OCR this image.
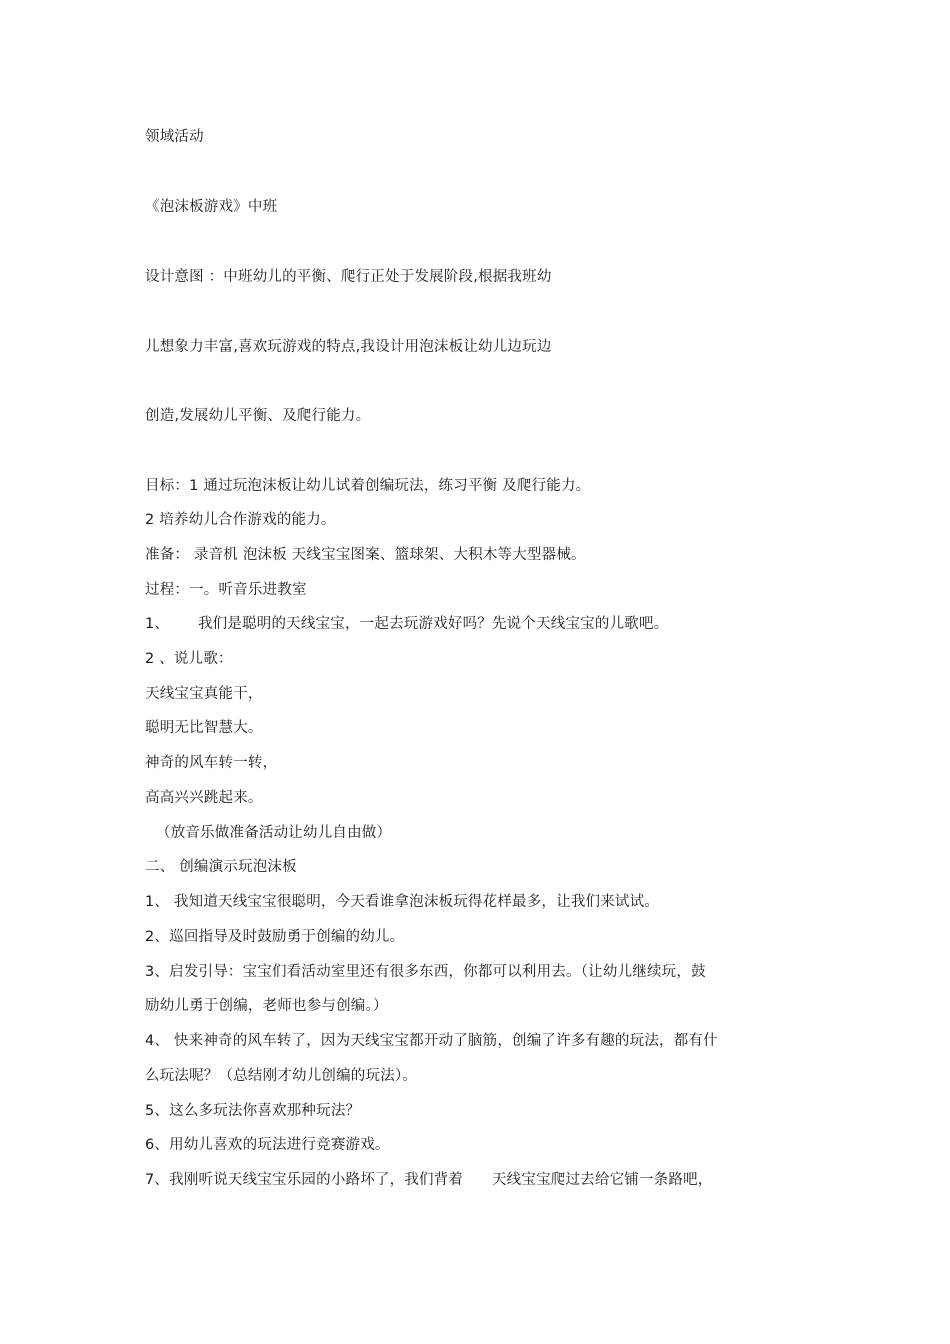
领域活动
《泡沫板游戏》中班
设计意图 ：中班幼儿的平衡、爬行正处于发展阶段,根据我班幼
儿想象力丰富,喜欢玩游戏的特点,我设计用泡沫板让幼儿边玩边
创造,发展幼儿平衡、及爬行能力。
目标：1 通过玩泡沫板让幼儿试着创编玩法，练习平衡 及爬行能力。
2 培养幼儿合作游戏的能力。
准备： 录音机 泡沫板 天线宝宝图案、篮球架、大积木等大型器械。
过程：一。听音乐进教室
1、      我们是聪明的天线宝宝，一起去玩游戏好吗？先说个天线宝宝的儿歌吧。
2 、说儿歌：
天线宝宝真能干，
聪明无比智慧大。
神奇的风车转一转，
高高兴兴跳起来。
（放音乐做准备活动让幼儿自由做）
二、 创编演示玩泡沫板
1、 我知道天线宝宝很聪明，今天看谁拿泡沫板玩得花样最多，让我们来试试。
2、巡回指导及时鼓励勇于创编的幼儿。
3、启发引导：宝宝们看活动室里还有很多东西，你都可以利用去。（让幼儿继续玩，鼓
励幼儿勇于创编，老师也参与创编。）
4、 快来神奇的风车转了，因为天线宝宝都开动了脑筋，创编了许多有趣的玩法，都有什
么玩法呢？（总结刚才幼儿创编的玩法）。
5、这么多玩法你喜欢那种玩法？
6、用幼儿喜欢的玩法进行竞赛游戏。
7、我刚听说天线宝宝乐园的小路坏了，我们背着      天线宝宝爬过去给它铺一条路吧，
